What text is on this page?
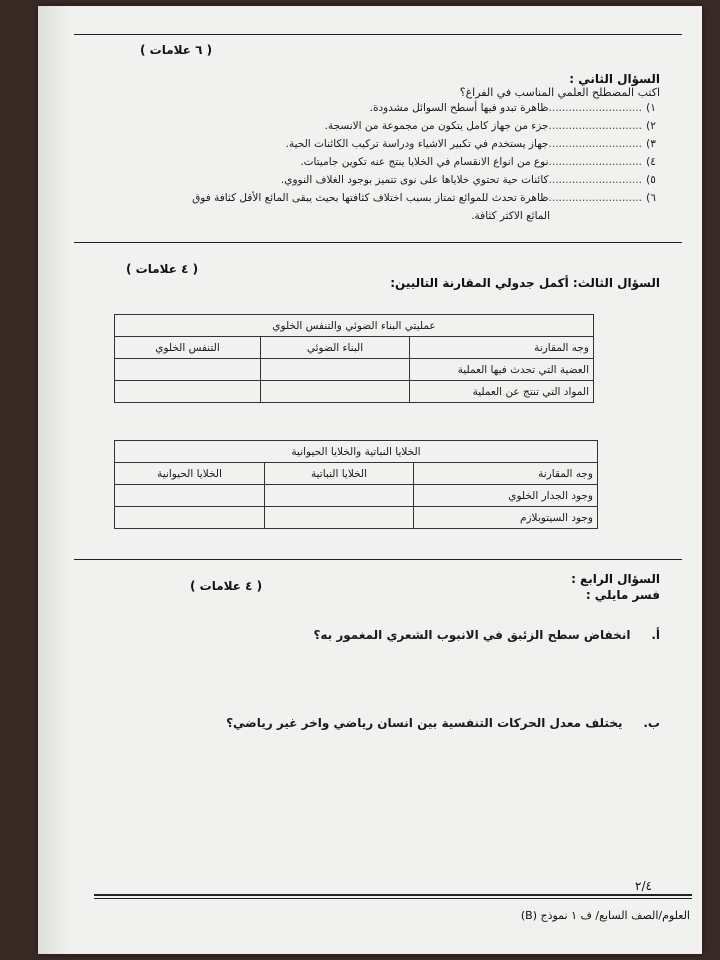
( ٦ علامات )
السؤال الثاني :
اكتب المصطلح العلمي المناسب في الفراغ؟
١)
............................
ظاهرة تبدو فيها أسطح السوائل مشدودة.
٢)
............................
جزء من جهاز كامل يتكون من مجموعة من الانسجة.
٣)
............................
جهاز يستخدم في تكبير الاشياء ودراسة تركيب الكائنات الحية.
٤)
............................
نوع من انواع الانقسام في الخلايا ينتج عنه تكوين جاميتات.
٥)
............................
كائنات حية تحتوي خلاياها على نوى تتميز بوجود الغلاف النووي.
٦)
............................
ظاهرة تحدث للموائع تمتاز بسبب اختلاف كثافتها بحيث يبقى المائع الأقل كثافة فوق
المائع الاكثر كثافة.
( ٤ علامات )
السؤال الثالث: أكمل جدولي المقارنة التاليين:
عمليتي البناء الضوئي والتنفس الخلوي		
وجه المقارنة	البناء الضوئي	التنفس الخلوي
العضية التي تحدث فيها العملية		
المواد التي تنتج عن العملية		
الخلايا النباتية والخلايا الحيوانية		
وجه المقارنة	الخلايا النباتية	الخلايا الحيوانية
وجود الجدار الخلوي		
وجود السيتوبلازم		
السؤال الرابع :
فسر مايلي :
( ٤ علامات )
أ.     انخفاض سطح الزئبق في الانبوب الشعري المغمور به؟
ب.     يختلف معدل الحركات التنفسية بين انسان رياضي واخر غير رياضي؟
٢/٤
العلوم/الصف السابع/ ف ١ نموذج (B)
